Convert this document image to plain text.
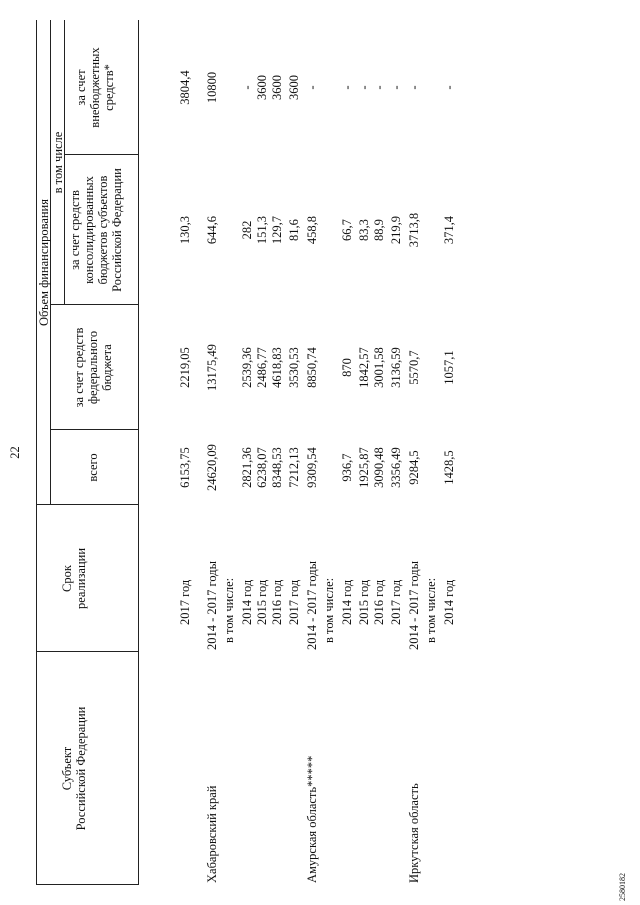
22
2580182
Субъект Российской Федерации
Срок реализации
Объем финансирования
всего
в том числе
за счет средств федерального бюджета
за счет средств консолидированных бюджетов субъектов Российской Федерации
за счет внебюджетных средств*
2017 год
6153,75
2219,05
130,3
3804,4
Хабаровский край
2014 - 2017 годы
24620,09
13175,49
644,6
10800
в том числе: 2014 год
2821,36
2539,36
282
-
2015 год
6238,07
2486,77
151,3
3600
2016 год
8348,53
4618,83
129,7
3600
2017 год
7212,13
3530,53
81,6
3600
Амурская область*****
2014 - 2017 годы
9309,54
8850,74
458,8
-
в том числе: 2014 год
936,7
870
66,7
-
2015 год
1925,87
1842,57
83,3
-
2016 год
3090,48
3001,58
88,9
-
2017 год
3356,49
3136,59
219,9
-
Иркутская область
2014 - 2017 годы
9284,5
5570,7
3713,8
-
в том числе: 2014 год
1428,5
1057,1
371,4
-
